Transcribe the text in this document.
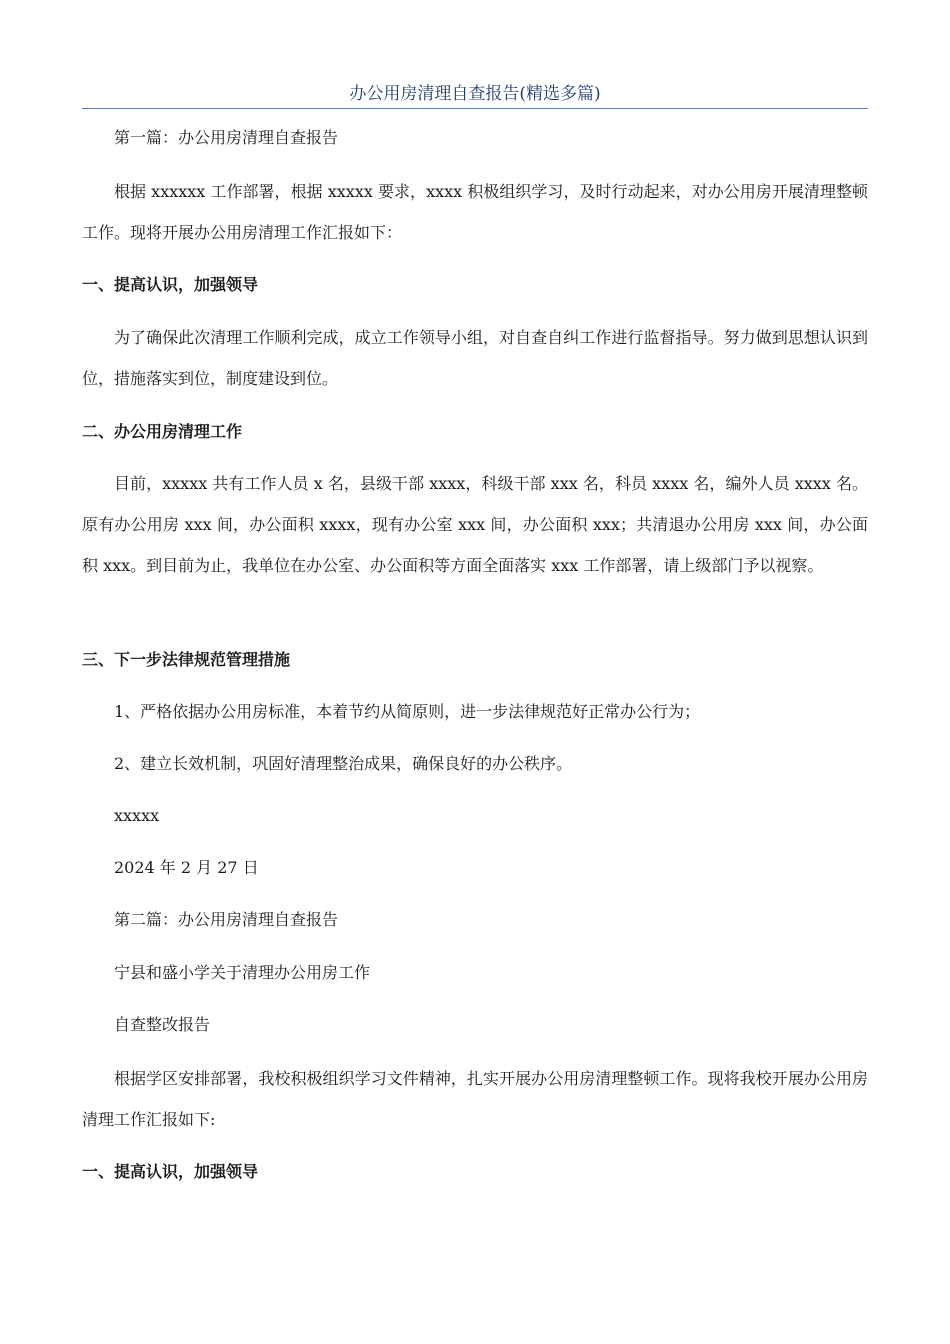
办公用房清理自查报告(精选多篇)
第一篇：办公用房清理自查报告
根据 xxxxxx 工作部署，根据 xxxxx 要求，xxxx 积极组织学习，及时行动起来，对办公用房开展清理整顿工作。现将开展办公用房清理工作汇报如下：
一、提高认识，加强领导
为了确保此次清理工作顺利完成，成立工作领导小组，对自查自纠工作进行监督指导。努力做到思想认识到位，措施落实到位，制度建设到位。
二、办公用房清理工作
目前，xxxxx 共有工作人员 x 名，县级干部 xxxx，科级干部 xxx 名，科员 xxxx 名，编外人员 xxxx 名。原有办公用房 xxx 间，办公面积 xxxx，现有办公室 xxx 间，办公面积 xxx；共清退办公用房 xxx 间，办公面积 xxx。到目前为止，我单位在办公室、办公面积等方面全面落实 xxx 工作部署，请上级部门予以视察。
三、下一步法律规范管理措施
1、严格依据办公用房标准，本着节约从简原则，进一步法律规范好正常办公行为；
2、建立长效机制，巩固好清理整治成果，确保良好的办公秩序。
xxxxx
2024 年 2 月 27 日
第二篇：办公用房清理自查报告
宁县和盛小学关于清理办公用房工作
自查整改报告
根据学区安排部署，我校积极组织学习文件精神，扎实开展办公用房清理整顿工作。现将我校开展办公用房清理工作汇报如下:
一、提高认识，加强领导
